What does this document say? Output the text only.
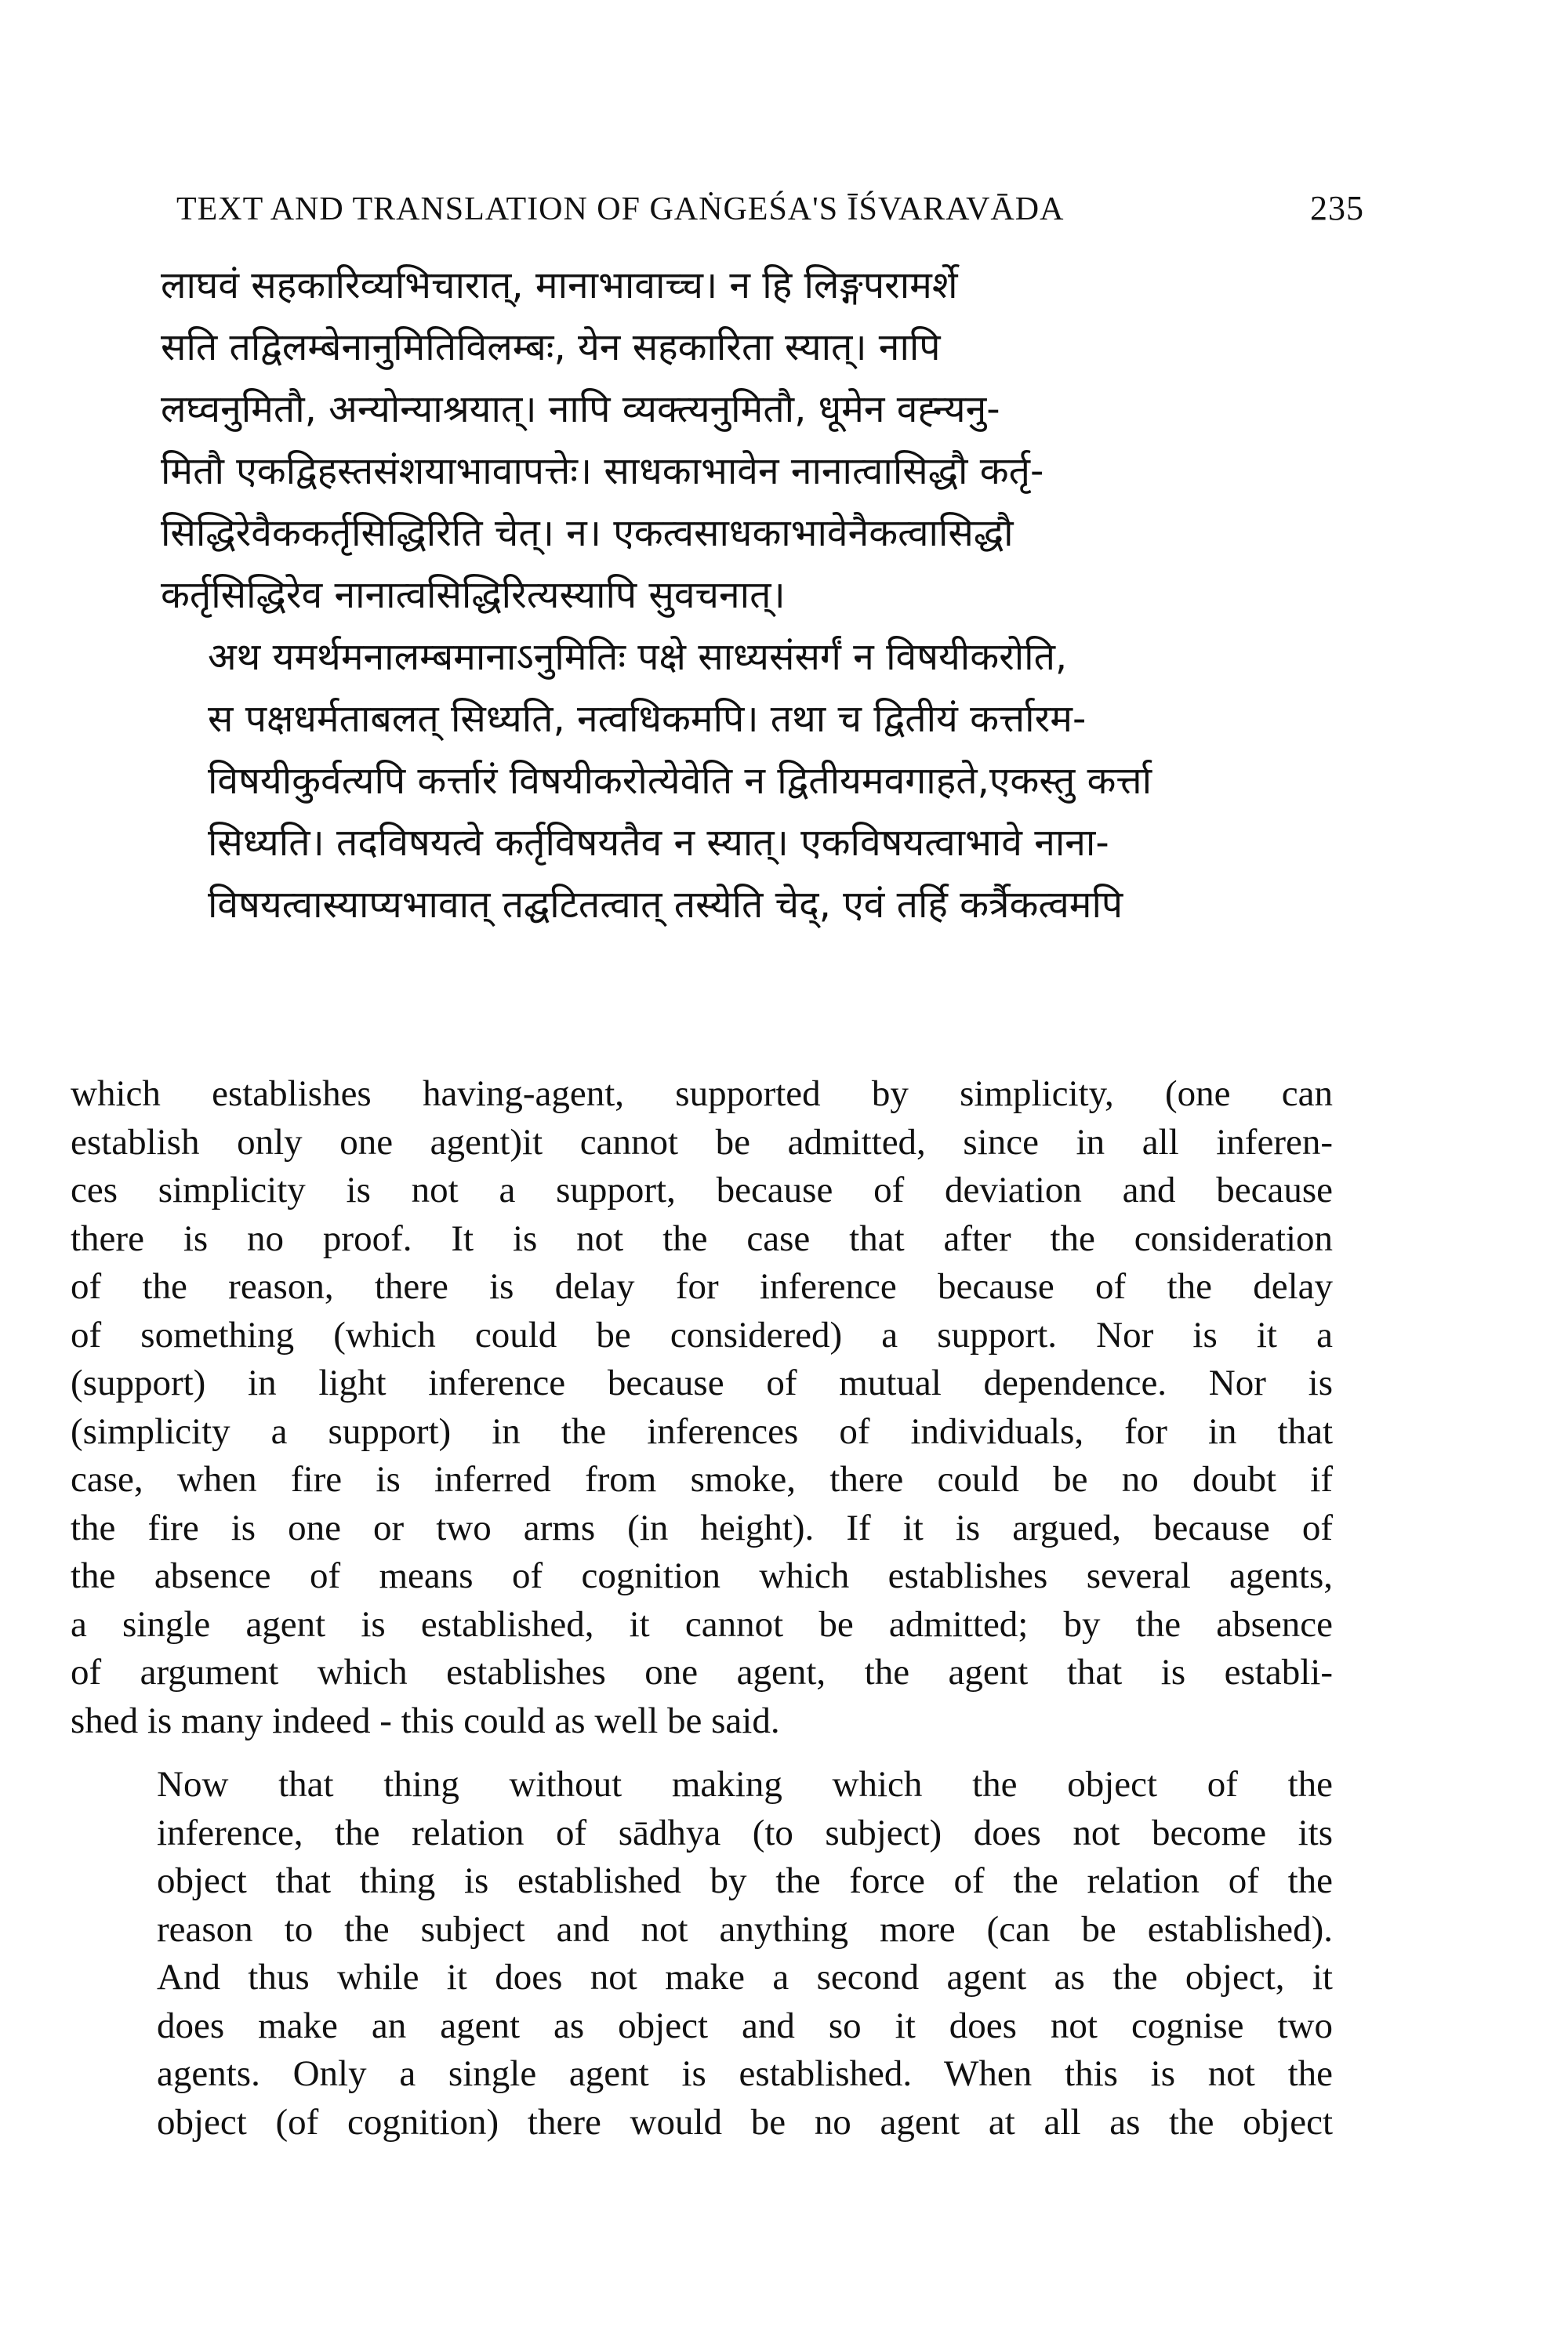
TEXT AND TRANSLATION OF GAṄGEŚA'S ĪŚVARAVĀDA	235

लाघवं सहकारिव्यभिचारात्, मानाभावाच्च। न हि लिङ्गपरामर्शे
सति तद्विलम्बेनानुमितिविलम्बः, येन सहकारिता स्यात्। नापि
लघ्वनुमितौ, अन्योन्याश्रयात्। नापि व्यक्त्यनुमितौ, धूमेन वह्न्यनु-
मितौ एकद्विहस्तसंशयाभावापत्तेः। साधकाभावेन नानात्वासिद्धौ कर्तृ-
सिद्धिरेवैककर्तृसिद्धिरिति चेत्। न। एकत्वसाधकाभावेनैकत्वासिद्धौ
कर्तृसिद्धिरेव नानात्वसिद्धिरित्यस्यापि सुवचनात्।

अथ यमर्थमनालम्बमानाऽनुमितिः पक्षे साध्यसंसर्गं न विषयीकरोति,
स पक्षधर्मताबलत् सिध्यति, नत्वधिकमपि। तथा च द्वितीयं कर्त्तारम-
विषयीकुर्वत्यपि कर्त्तारं विषयीकरोत्येवेति न द्वितीयमवगाहते,एकस्तु कर्त्ता
सिध्यति। तदविषयत्वे कर्तृविषयतैव न स्यात्। एकविषयत्वाभावे नाना-
विषयत्वास्याप्यभावात् तद्घटितत्वात् तस्येति चेद्, एवं तर्हि कर्त्रैकत्वमपि

which establishes having-agent, supported by simplicity, (one can
establish only one agent)it cannot be admitted, since in all inferen-
ces simplicity is not a support, because of deviation and because
there is no proof. It is not the case that after the consideration
of the reason, there is delay for inference because of the delay
of something (which could be considered) a support. Nor is it a
(support) in light inference because of mutual dependence. Nor is
(simplicity a support) in the inferences of individuals, for in that
case, when fire is inferred from smoke, there could be no doubt if
the fire is one or two arms (in height). If it is argued, because of
the absence of means of cognition which establishes several agents,
a single agent is established, it cannot be admitted; by the absence
of argument which establishes one agent, the agent that is establi-
shed is many indeed - this could as well be said.

Now that thing without making which the object of the
inference, the relation of sādhya (to subject) does not become its
object that thing is established by the force of the relation of the
reason to the subject and not anything more (can be established).
And thus while it does not make a second agent as the object, it
does make an agent as object and so it does not cognise two
agents. Only a single agent is established. When this is not the
object (of cognition) there would be no agent at all as the object
